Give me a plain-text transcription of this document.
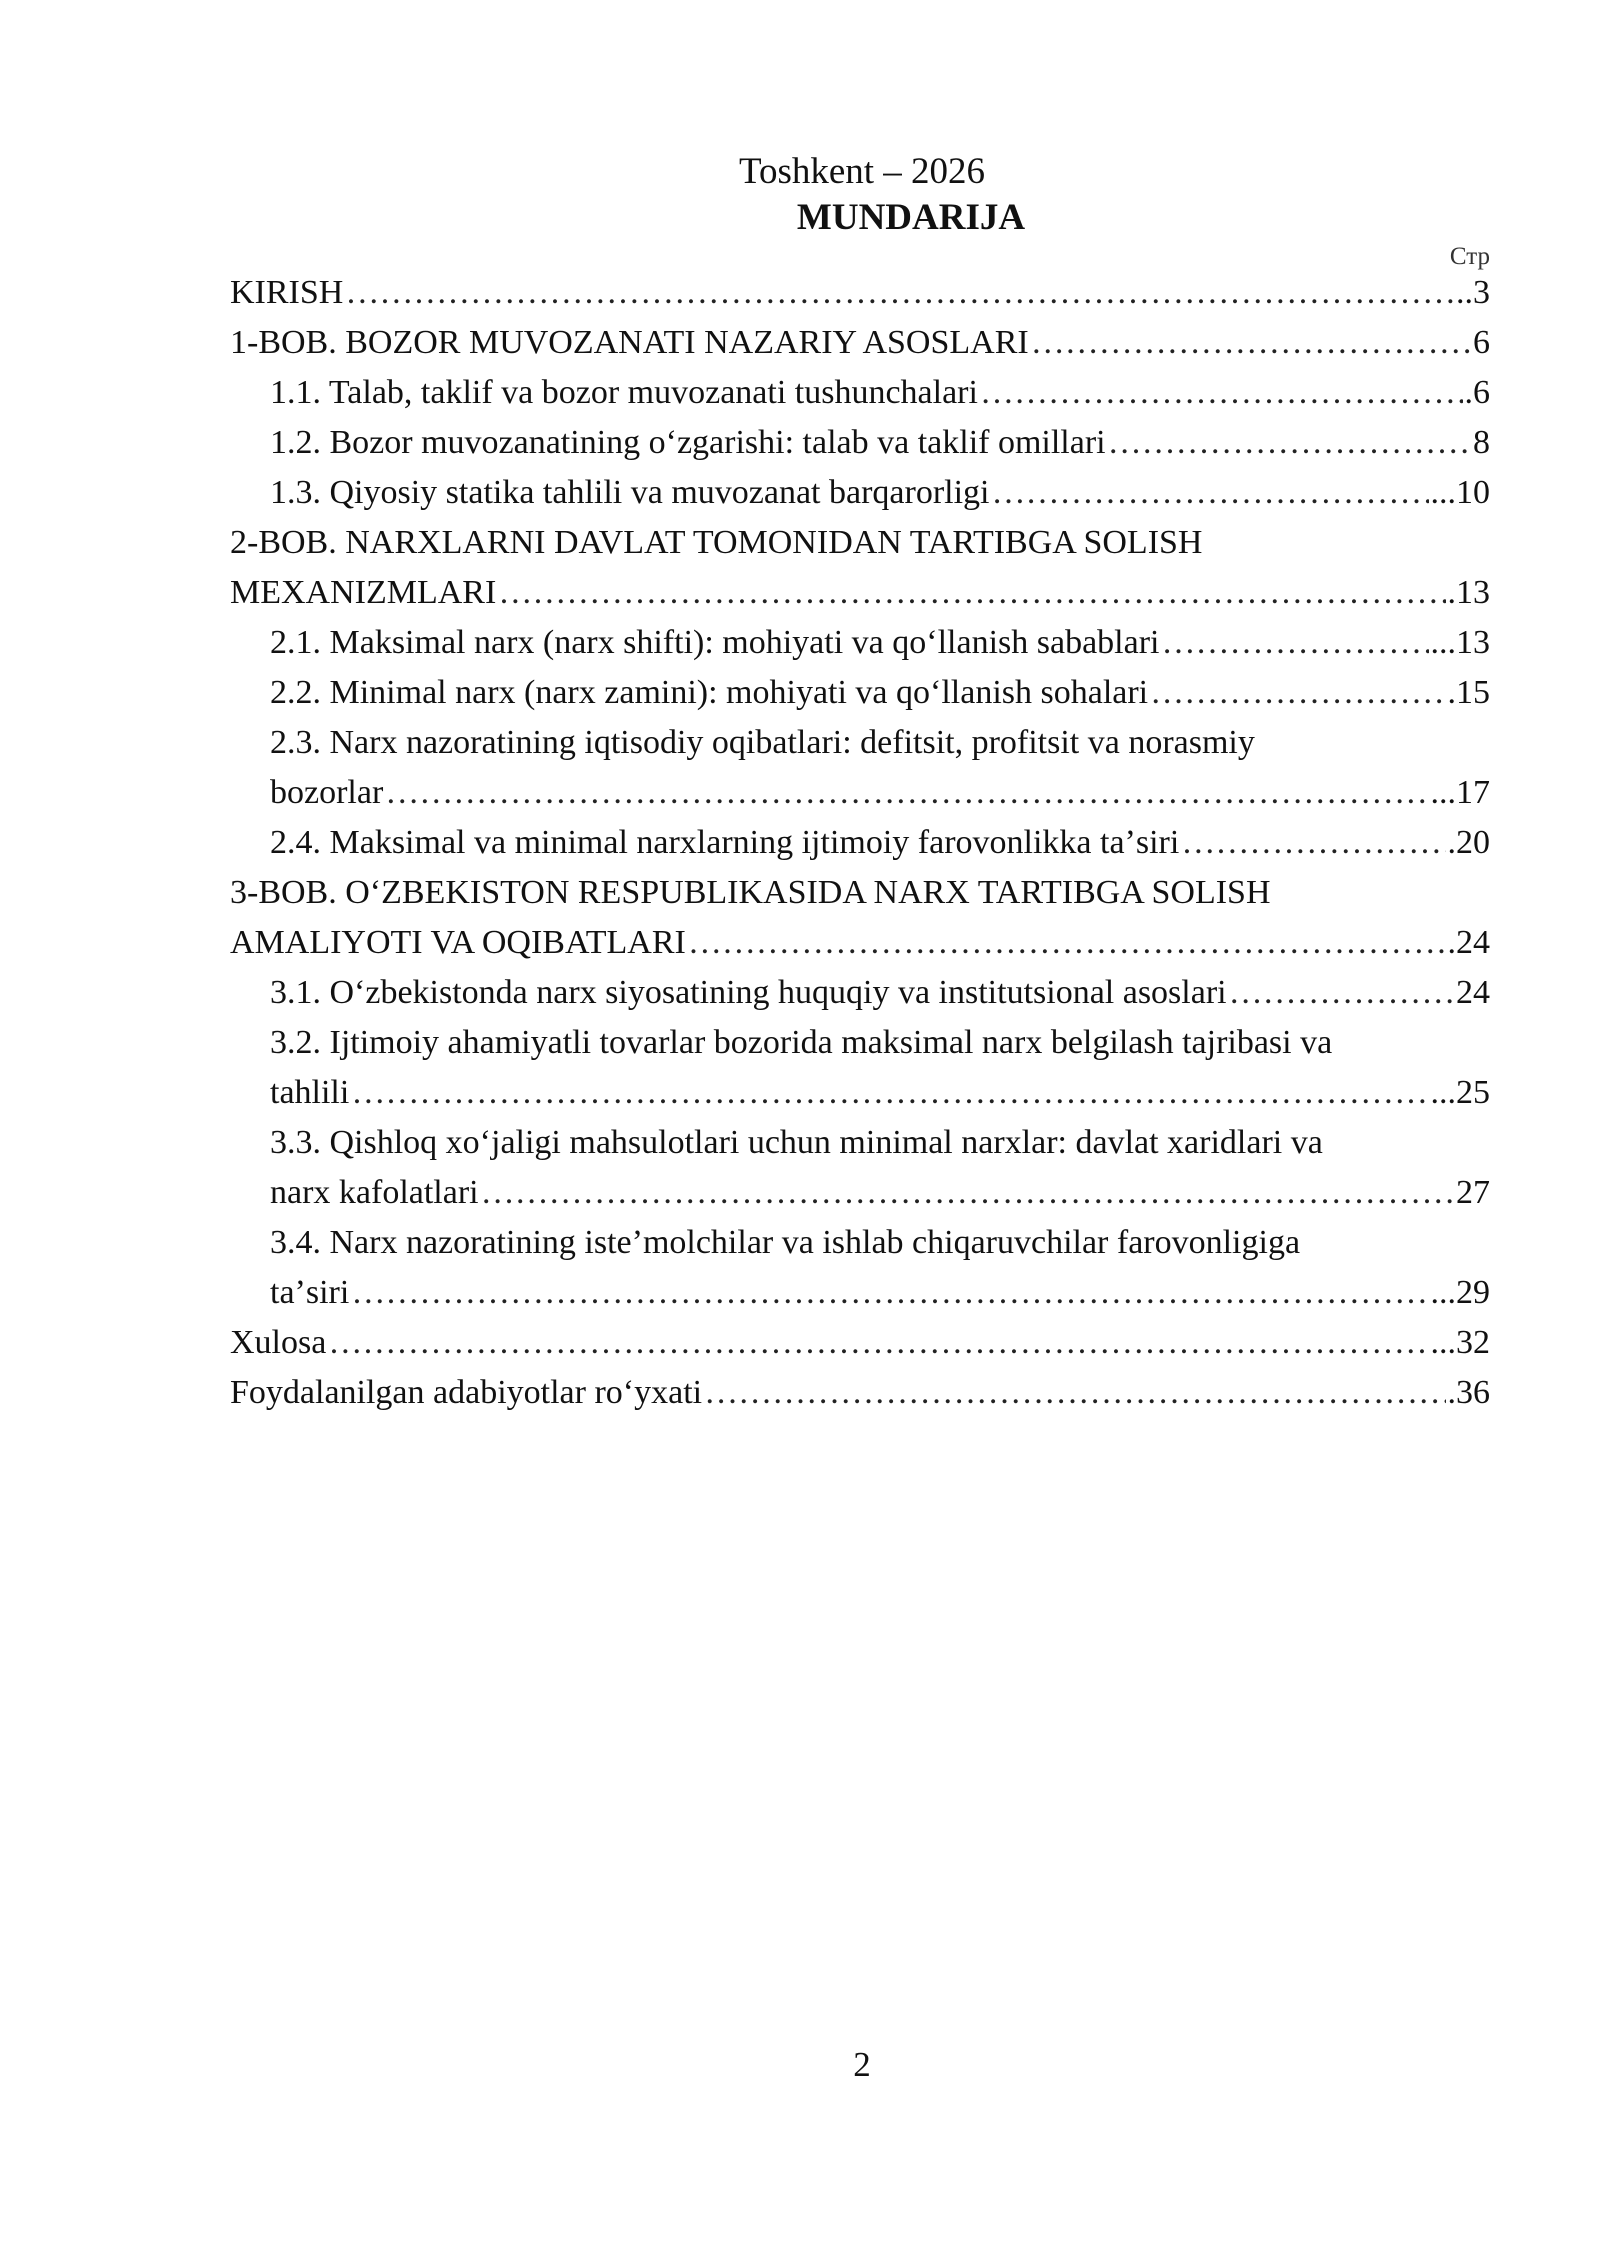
Toshkent – 2026
MUNDARIJA
Стр
KIRISH …………………………………………………………………………………………………………………………………………………………………………………………………	..3
1-BOB. BOZOR MUVOZANATI NAZARIY ASOSLARI …………………………………………………………………………………………………………………………………………………………………………………………………	6
1.1. Talab, taklif va bozor muvozanati tushunchalari …………………………………………………………………………………………………………………………………………………………………………………………………	.6
1.2. Bozor muvozanatining oʻzgarishi: talab va taklif omillari …………………………………………………………………………………………………………………………………………………………………………………………………	8
1.3. Qiyosiy statika tahlili va muvozanat barqarorligi …………………………………………………………………………………………………………………………………………………………………………………………………	...10
2-BOB. NARXLARNI DAVLAT TOMONIDAN TARTIBGA SOLISH
MEXANIZMLARI …………………………………………………………………………………………………………………………………………………………………………………………………	.13
2.1. Maksimal narx (narx shifti): mohiyati va qoʻllanish sabablari …………………………………………………………………………………………………………………………………………………………………………………………………	...13
2.2. Minimal narx (narx zamini): mohiyati va qoʻllanish sohalari …………………………………………………………………………………………………………………………………………………………………………………………………	.15
2.3. Narx nazoratining iqtisodiy oqibatlari: defitsit, profitsit va norasmiy
bozorlar …………………………………………………………………………………………………………………………………………………………………………………………………	...17
2.4. Maksimal va minimal narxlarning ijtimoiy farovonlikka taʼsiri …………………………………………………………………………………………………………………………………………………………………………………………………	.20
3-BOB. OʻZBEKISTON RESPUBLIKASIDA NARX TARTIBGA SOLISH
AMALIYOTI VA OQIBATLARI …………………………………………………………………………………………………………………………………………………………………………………………………	.24
3.1. Oʻzbekistonda narx siyosatining huquqiy va institutsional asoslari …………………………………………………………………………………………………………………………………………………………………………………………………	24
3.2. Ijtimoiy ahamiyatli tovarlar bozorida maksimal narx belgilash tajribasi va
tahlili …………………………………………………………………………………………………………………………………………………………………………………………………	...25
3.3. Qishloq xoʻjaligi mahsulotlari uchun minimal narxlar: davlat xaridlari va
narx kafolatlari …………………………………………………………………………………………………………………………………………………………………………………………………	27
3.4. Narx nazoratining isteʼmolchilar va ishlab chiqaruvchilar farovonligiga
taʼsiri …………………………………………………………………………………………………………………………………………………………………………………………………	...29
Xulosa …………………………………………………………………………………………………………………………………………………………………………………………………	...32
Foydalanilgan adabiyotlar roʻyxati …………………………………………………………………………………………………………………………………………………………………………………………………	.36
2
